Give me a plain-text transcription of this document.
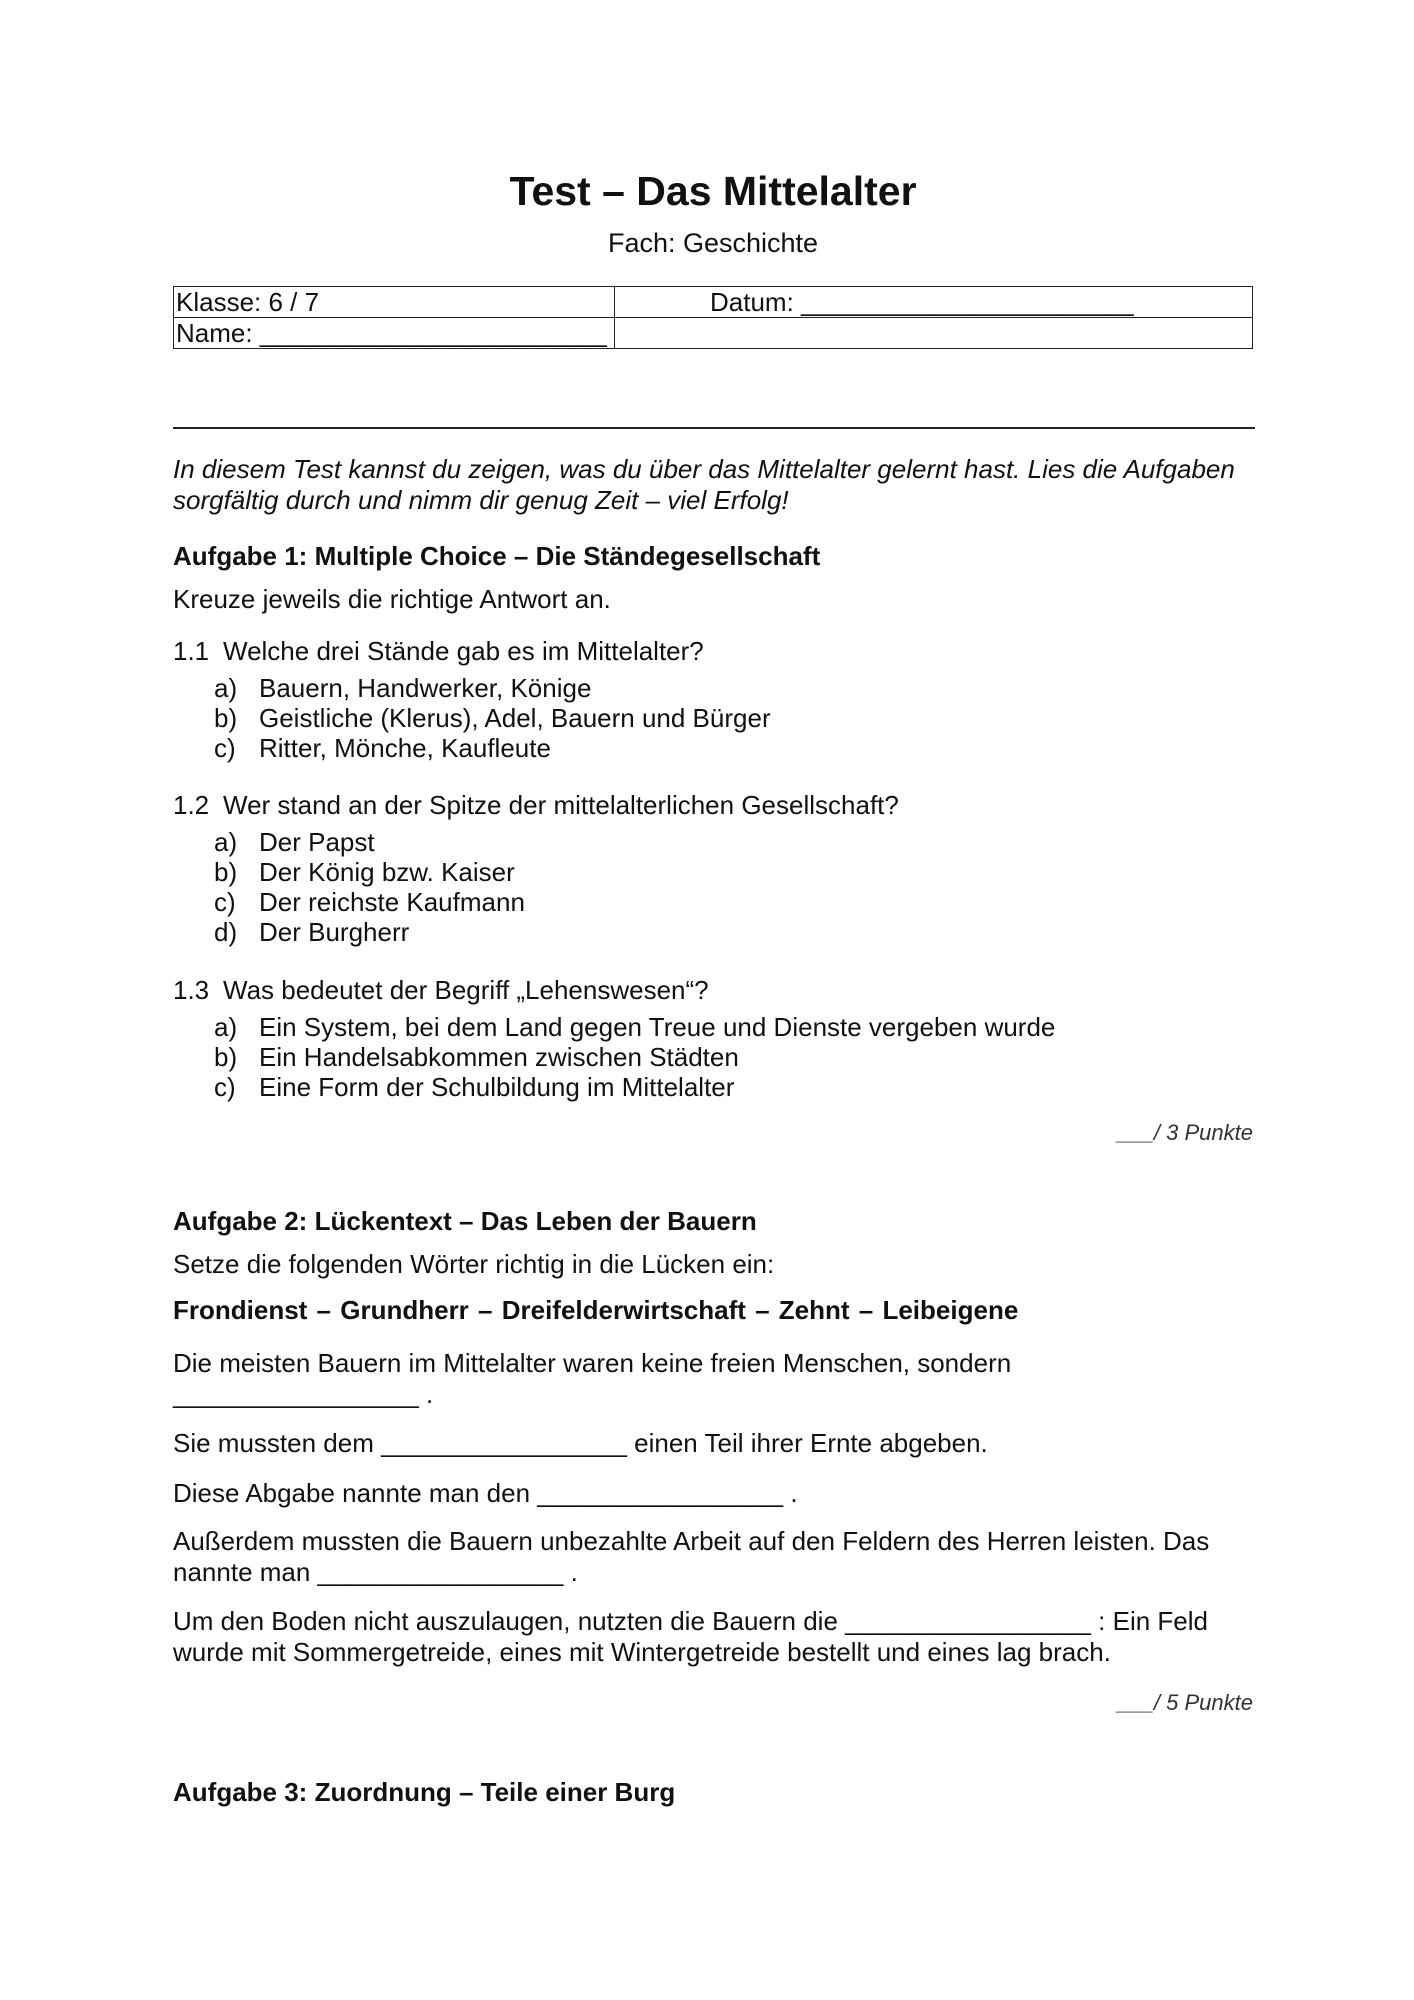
Test – Das Mittelalter
Fach: Geschichte
Klasse: 6 / 7	Datum: _______________________
Name: ________________________	
In diesem Test kannst du zeigen, was du über das Mittelalter gelernt hast. Lies die Aufgaben sorgfältig durch und nimm dir genug Zeit – viel Erfolg!
Aufgabe 1: Multiple Choice – Die Ständegesellschaft
Kreuze jeweils die richtige Antwort an.
1.1 Welche drei Stände gab es im Mittelalter?
a) Bauern, Handwerker, Könige
b) Geistliche (Klerus), Adel, Bauern und Bürger
c) Ritter, Mönche, Kaufleute
1.2 Wer stand an der Spitze der mittelalterlichen Gesellschaft?
a) Der Papst
b) Der König bzw. Kaiser
c) Der reichste Kaufmann
d) Der Burgherr
1.3 Was bedeutet der Begriff „Lehenswesen“?
a) Ein System, bei dem Land gegen Treue und Dienste vergeben wurde
b) Ein Handelsabkommen zwischen Städten
c) Eine Form der Schulbildung im Mittelalter
___/ 3 Punkte
Aufgabe 2: Lückentext – Das Leben der Bauern
Setze die folgenden Wörter richtig in die Lücken ein:
Frondienst – Grundherr – Dreifelderwirtschaft – Zehnt – Leibeigene
Die meisten Bauern im Mittelalter waren keine freien Menschen, sondern
_________________ .
Sie mussten dem _________________ einen Teil ihrer Ernte abgeben.
Diese Abgabe nannte man den _________________ .
Außerdem mussten die Bauern unbezahlte Arbeit auf den Feldern des Herren leisten. Das
nannte man _________________ .
Um den Boden nicht auszulaugen, nutzten die Bauern die _________________ : Ein Feld
wurde mit Sommergetreide, eines mit Wintergetreide bestellt und eines lag brach.
___/ 5 Punkte
Aufgabe 3: Zuordnung – Teile einer Burg
